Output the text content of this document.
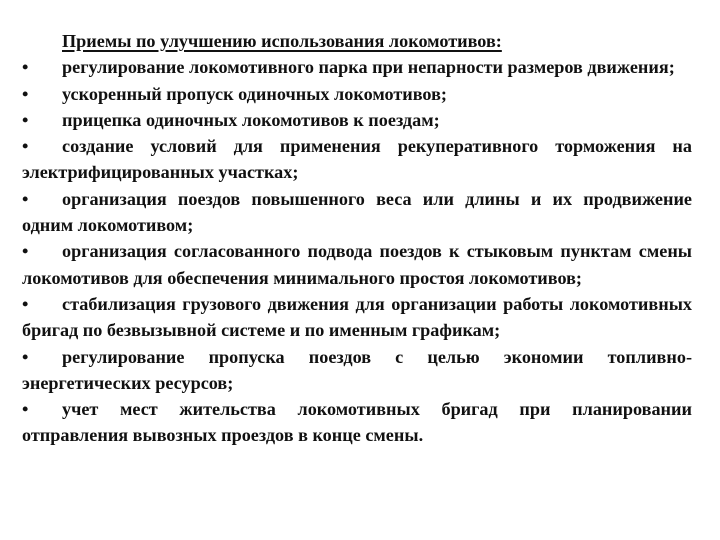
Приемы по улучшению использования локомотивов:
•	регулирование локомотивного парка при непарности размеров движения;
•	ускоренный пропуск одиночных локомотивов;
•	прицепка одиночных локомотивов к поездам;
•	создание условий для применения рекуперативного торможения на электрифицированных участках;
•	организация поездов повышенного веса или длины и их продвижение одним локомотивом;
•	организация согласованного подвода поездов к стыковым пунктам смены локомотивов для обеспечения минимального простоя локомотивов;
•	стабилизация грузового движения для организации работы локомотивных бригад по безвызывной системе и по именным графикам;
•	регулирование пропуска поездов с целью экономии топливно-энергетических ресурсов;
•	учет мест жительства локомотивных бригад при планировании отправления вывозных проездов в конце смены.
